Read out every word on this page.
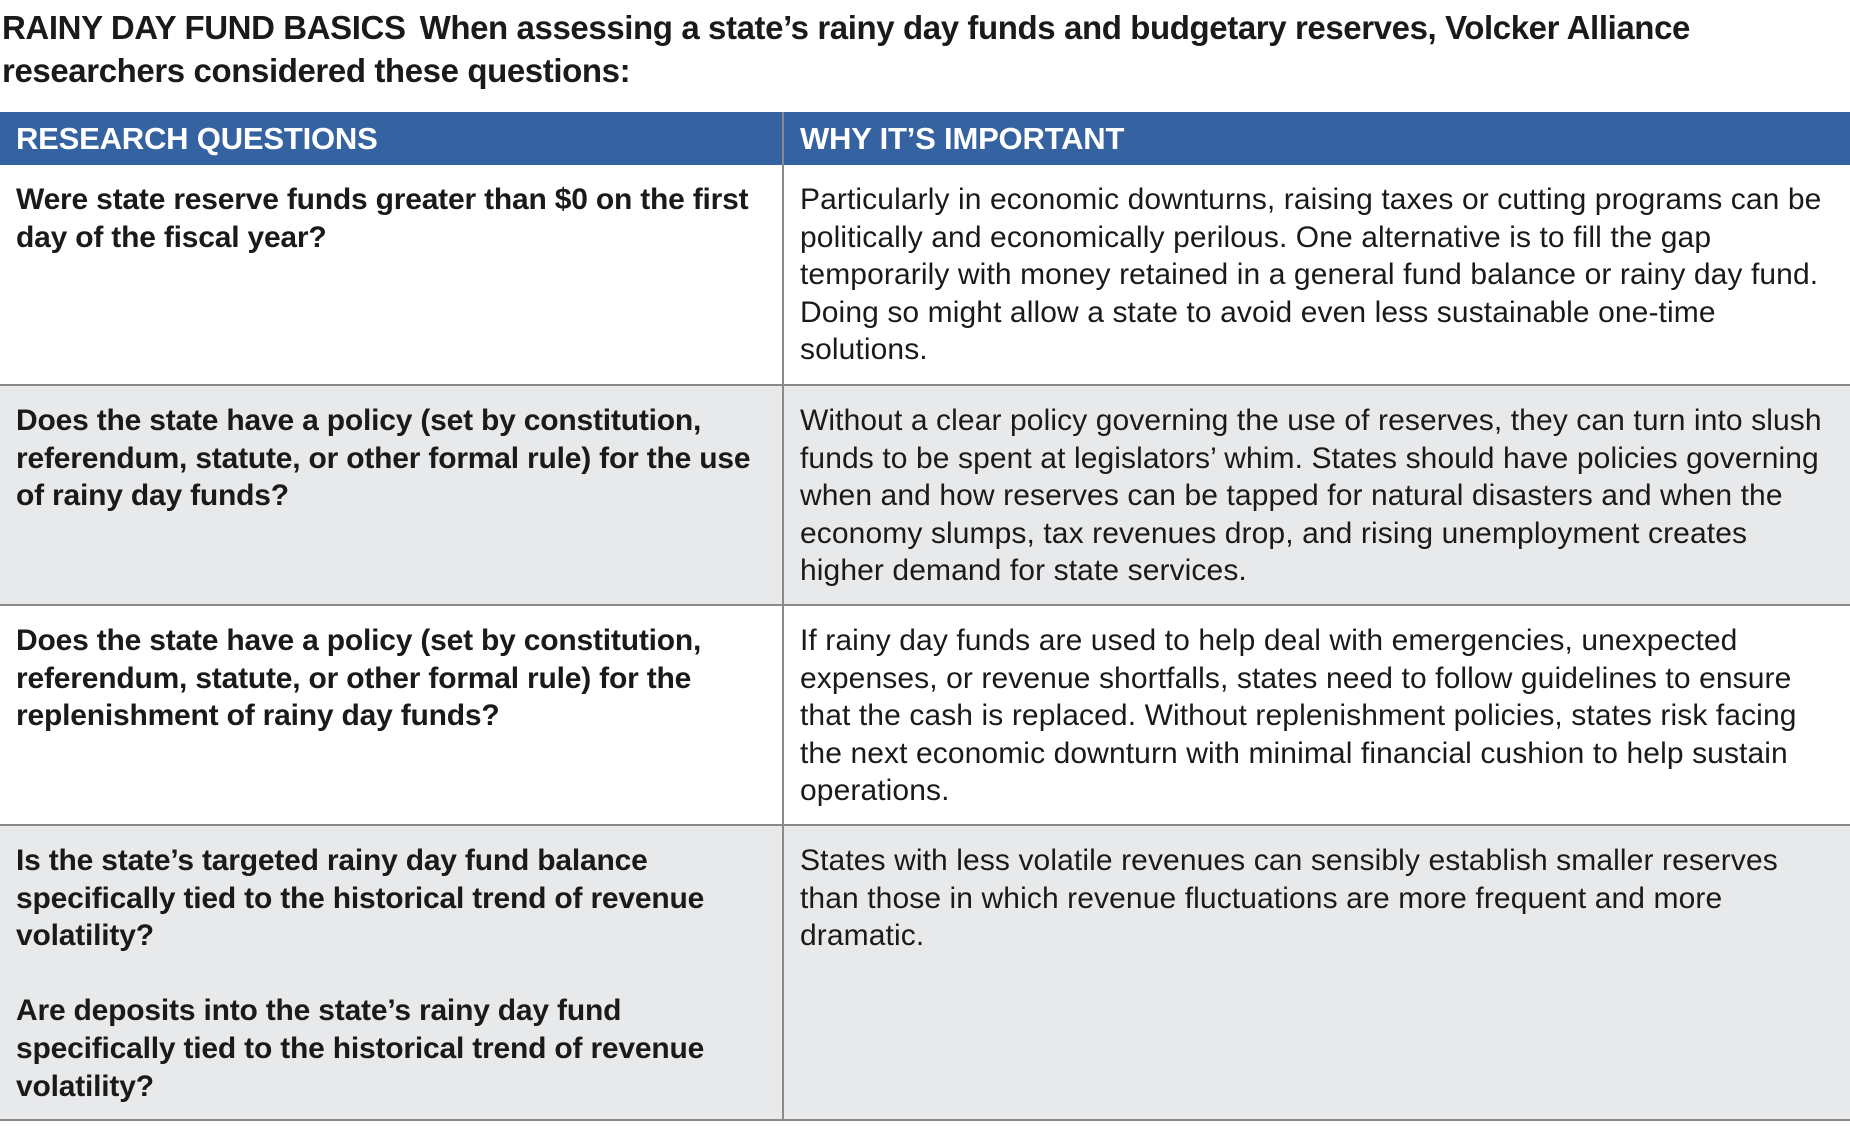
RAINY DAY FUND BASICS When assessing a state’s rainy day funds and budgetary reserves, Volcker Alliance researchers considered these questions:
RESEARCH QUESTIONS	WHY IT’S IMPORTANT

Were state reserve funds greater than $0 on the first day of the fiscal year?	Particularly in economic downturns, raising taxes or cutting programs can be politically and economically perilous. One alternative is to fill the gap temporarily with money retained in a general fund balance or rainy day fund. Doing so might allow a state to avoid even less sustainable one-time solutions.

Does the state have a policy (set by constitution, referendum, statute, or other formal rule) for the use of rainy day funds?	Without a clear policy governing the use of reserves, they can turn into slush funds to be spent at legislators’ whim. States should have policies governing when and how reserves can be tapped for natural disasters and when the economy slumps, tax revenues drop, and rising unemployment creates higher demand for state services.

Does the state have a policy (set by constitution, referendum, statute, or other formal rule) for the replenishment of rainy day funds?	If rainy day funds are used to help deal with emergencies, unexpected expenses, or revenue shortfalls, states need to follow guidelines to ensure that the cash is replaced. Without replenishment policies, states risk facing the next economic downturn with minimal financial cushion to help sustain operations.

Is the state’s targeted rainy day fund balance specifically tied to the historical trend of revenue volatility?
Are deposits into the state’s rainy day fund specifically tied to the historical trend of revenue volatility?	States with less volatile revenues can sensibly establish smaller reserves than those in which revenue fluctuations are more frequent and more dramatic.
